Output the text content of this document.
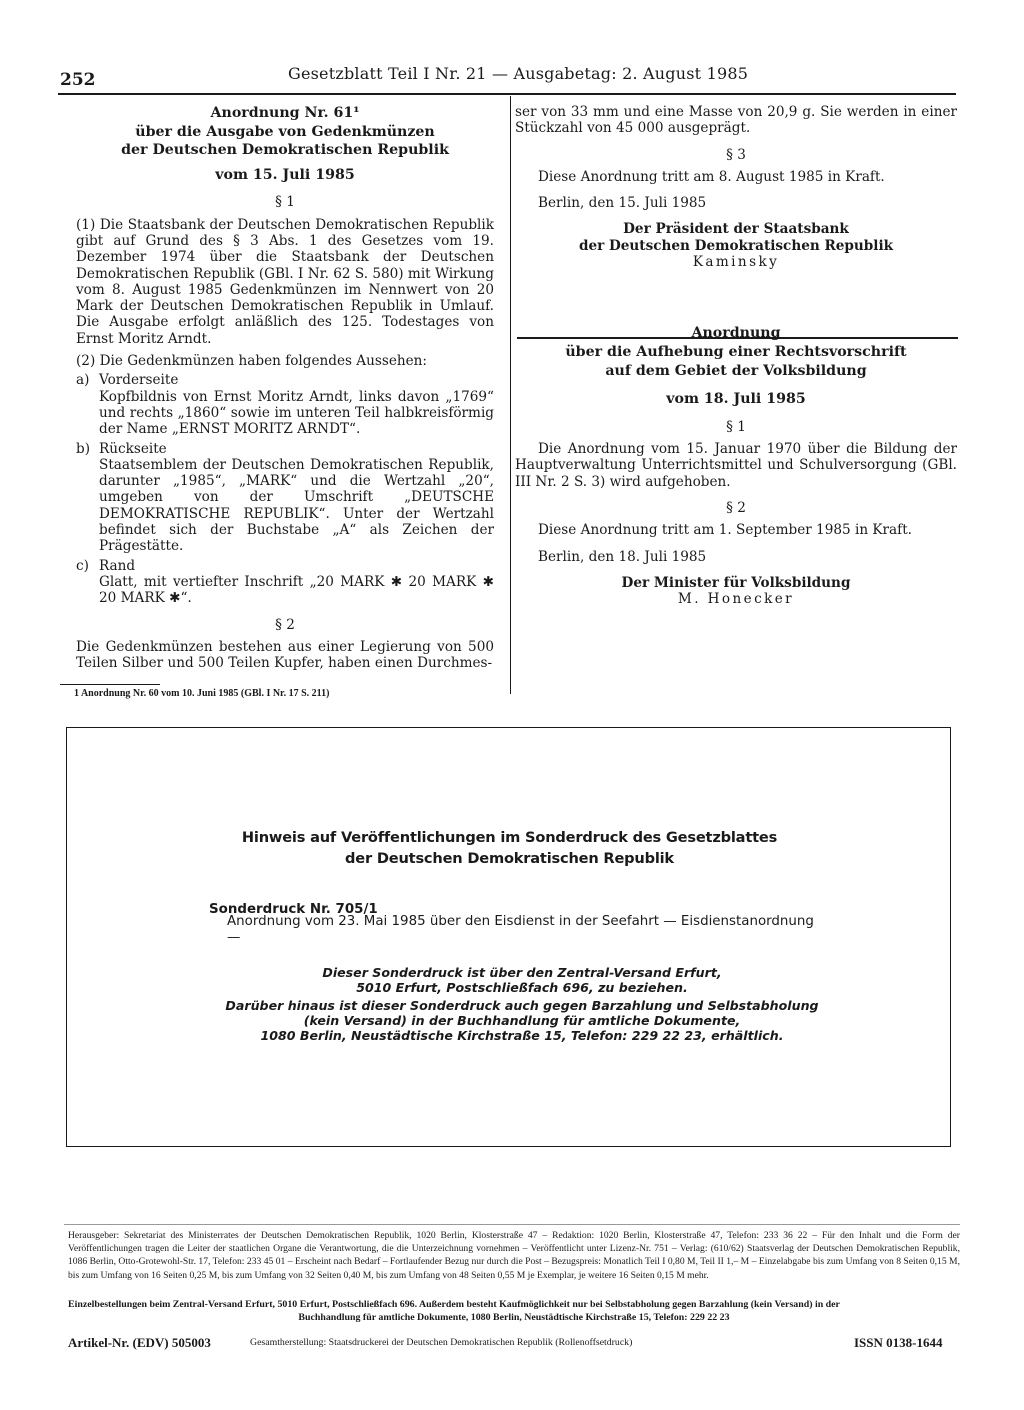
252	Gesetzblatt Teil I Nr. 21 — Ausgabetag: 2. August 1985
Anordnung Nr. 61¹
über die Ausgabe von Gedenkmünzen
der Deutschen Demokratischen Republik
vom 15. Juli 1985
§ 1

(1) Die Staatsbank der Deutschen Demokratischen Republik gibt auf Grund des § 3 Abs. 1 des Gesetzes vom 19. Dezember 1974 über die Staatsbank der Deutschen Demokratischen Republik (GBl. I Nr. 62 S. 580) mit Wirkung vom 8. August 1985 Gedenkmünzen im Nennwert von 20 Mark der Deutschen Demokratischen Republik in Umlauf. Die Ausgabe erfolgt anläßlich des 125. Todestages von Ernst Moritz Arndt.

(2) Die Gedenkmünzen haben folgendes Aussehen:

a) Vorderseite

Kopfbildnis von Ernst Moritz Arndt, links davon „1769“ und rechts „1860“ sowie im unteren Teil halbkreisförmig der Name „ERNST MORITZ ARNDT“.

b) Rückseite

Staatsemblem der Deutschen Demokratischen Republik, darunter „1985“, „MARK“ und die Wertzahl „20“, umgeben von der Umschrift „DEUTSCHE DEMOKRATISCHE REPUBLIK“. Unter der Wertzahl befindet sich der Buchstabe „A“ als Zeichen der Prägestätte.

c) Rand

Glatt, mit vertiefter Inschrift „20 MARK ✱ 20 MARK ✱ 20 MARK ✱“.

§ 2

Die Gedenkmünzen bestehen aus einer Legierung von 500 Teilen Silber und 500 Teilen Kupfer, haben einen Durchmes-

1 Anordnung Nr. 60 vom 10. Juni 1985 (GBl. I Nr. 17 S. 211)

ser von 33 mm und eine Masse von 20,9 g. Sie werden in einer Stückzahl von 45 000 ausgeprägt.

§ 3

Diese Anordnung tritt am 8. August 1985 in Kraft.

Berlin, den 15. Juli 1985

Der Präsident der Staatsbank
der Deutschen Demokratischen Republik
Kaminsky
Anordnung
über die Aufhebung einer Rechtsvorschrift
auf dem Gebiet der Volksbildung
vom 18. Juli 1985
§ 1

Die Anordnung vom 15. Januar 1970 über die Bildung der Hauptverwaltung Unterrichtsmittel und Schulversorgung (GBl. III Nr. 2 S. 3) wird aufgehoben.

§ 2

Diese Anordnung tritt am 1. September 1985 in Kraft.

Berlin, den 18. Juli 1985

Der Minister für Volksbildung
M. Honecker
Hinweis auf Veröffentlichungen im Sonderdruck des Gesetzblattes
der Deutschen Demokratischen Republik
Sonderdruck Nr. 705/1
Anordnung vom 23. Mai 1985 über den Eisdienst in der Seefahrt — Eisdienstanordnung —
Dieser Sonderdruck ist über den Zentral-Versand Erfurt,
5010 Erfurt, Postschließfach 696, zu beziehen.
Darüber hinaus ist dieser Sonderdruck auch gegen Barzahlung und Selbstabholung
(kein Versand) in der Buchhandlung für amtliche Dokumente,
1080 Berlin, Neustädtische Kirchstraße 15, Telefon: 229 22 23, erhältlich.
Herausgeber: Sekretariat des Ministerrates der Deutschen Demokratischen Republik, 1020 Berlin, Klosterstraße 47 – Redaktion: 1020 Berlin, Klosterstraße 47, Telefon: 233 36 22 – Für den Inhalt und die Form der Veröffentlichungen tragen die Leiter der staatlichen Organe die Verantwortung, die die Unterzeichnung vornehmen – Veröffentlicht unter Lizenz-Nr. 751 – Verlag: (610/62) Staatsverlag der Deutschen Demokratischen Republik, 1086 Berlin, Otto-Grotewohl-Str. 17, Telefon: 233 45 01 – Erscheint nach Bedarf – Fortlaufender Bezug nur durch die Post – Bezugspreis: Monatlich Teil I 0,80 M, Teil II 1,– M – Einzelabgabe bis zum Umfang von 8 Seiten 0,15 M, bis zum Umfang von 16 Seiten 0,25 M, bis zum Umfang von 32 Seiten 0,40 M, bis zum Umfang von 48 Seiten 0,55 M je Exemplar, je weitere 16 Seiten 0,15 M mehr.
Einzelbestellungen beim Zentral-Versand Erfurt, 5010 Erfurt, Postschließfach 696. Außerdem besteht Kaufmöglichkeit nur bei Selbstabholung gegen Barzahlung (kein Versand) in der
Buchhandlung für amtliche Dokumente, 1080 Berlin, Neustädtische Kirchstraße 15, Telefon: 229 22 23
Artikel-Nr. (EDV) 505003	Gesamtherstellung: Staatsdruckerei der Deutschen Demokratischen Republik (Rollenoffsetdruck)	ISSN 0138-1644
